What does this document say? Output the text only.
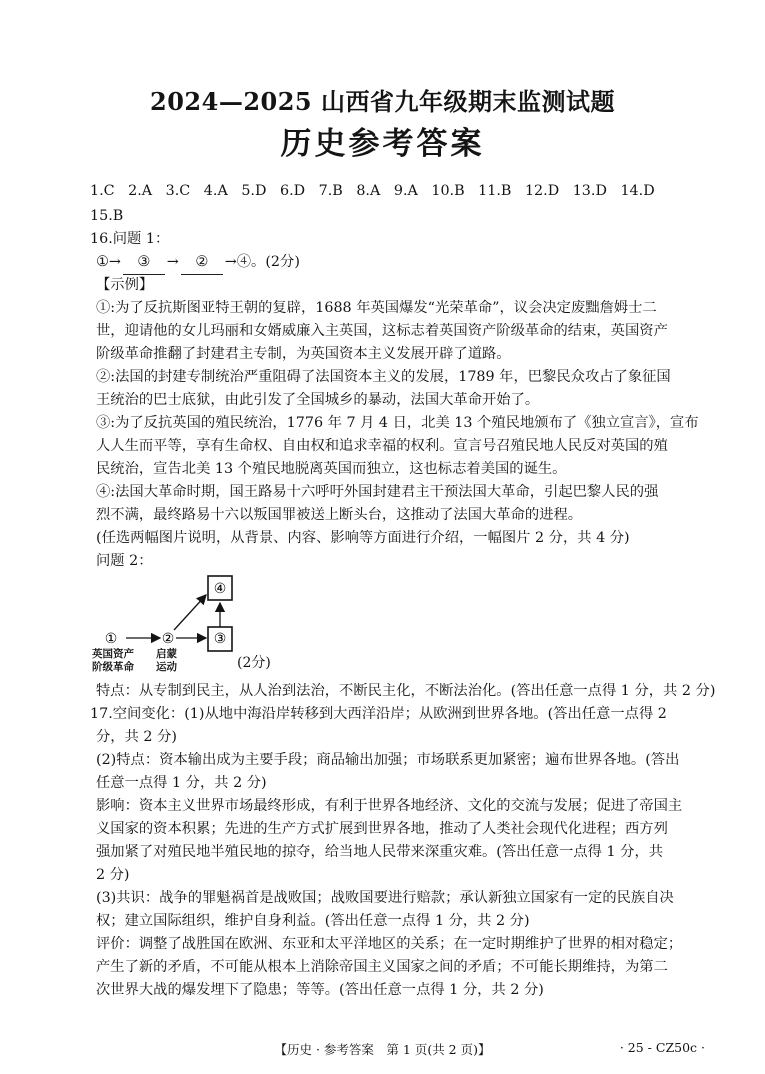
2024—2025 山西省九年级期末监测试题
历史参考答案
1.C 2.A 3.C 4.A 5.D 6.D 7.B 8.A 9.A 10.B 11.B 12.D 13.D 14.D
15.B
16.问题 1：
①→ ③ → ② →④。(2分)
【示例】
①:为了反抗斯图亚特王朝的复辟，1688 年英国爆发“光荣革命”，议会决定废黜詹姆士二
世，迎请他的女儿玛丽和女婿威廉入主英国，这标志着英国资产阶级革命的结束，英国资产
阶级革命推翻了封建君主专制，为英国资本主义发展开辟了道路。
②:法国的封建专制统治严重阻碍了法国资本主义的发展，1789 年，巴黎民众攻占了象征国
王统治的巴士底狱，由此引发了全国城乡的暴动，法国大革命开始了。
③:为了反抗英国的殖民统治，1776 年 7 月 4 日，北美 13 个殖民地颁布了《独立宣言》，宣布
人人生而平等，享有生命权、自由权和追求幸福的权利。宣言号召殖民地人民反对英国的殖
民统治，宣告北美 13 个殖民地脱离英国而独立，这也标志着美国的诞生。
④:法国大革命时期，国王路易十六呼吁外国封建君主干预法国大革命，引起巴黎人民的强
烈不满，最终路易十六以叛国罪被送上断头台，这推动了法国大革命的进程。
(任选两幅图片说明，从背景、内容、影响等方面进行介绍，一幅图片 2 分，共 4 分)
问题 2：
①	②	③
④
英国资产
阶级革命
启蒙
运动	(2分)
特点：从专制到民主，从人治到法治，不断民主化，不断法治化。(答出任意一点得 1 分，共 2 分)
17.空间变化：(1)从地中海沿岸转移到大西洋沿岸；从欧洲到世界各地。(答出任意一点得 2
分，共 2 分)
(2)特点：资本输出成为主要手段；商品输出加强；市场联系更加紧密；遍布世界各地。(答出
任意一点得 1 分，共 2 分)
影响：资本主义世界市场最终形成，有利于世界各地经济、文化的交流与发展；促进了帝国主
义国家的资本积累；先进的生产方式扩展到世界各地，推动了人类社会现代化进程；西方列
强加紧了对殖民地半殖民地的掠夺，给当地人民带来深重灾难。(答出任意一点得 1 分，共
2 分)
(3)共识：战争的罪魁祸首是战败国；战败国要进行赔款；承认新独立国家有一定的民族自决
权；建立国际组织，维护自身利益。(答出任意一点得 1 分，共 2 分)
评价：调整了战胜国在欧洲、东亚和太平洋地区的关系；在一定时期维护了世界的相对稳定；
产生了新的矛盾，不可能从根本上消除帝国主义国家之间的矛盾；不可能长期维持，为第二
次世界大战的爆发埋下了隐患；等等。(答出任意一点得 1 分，共 2 分)
【历史 · 参考答案　第 1 页(共 2 页)】	· 25 - CZ50c ·
